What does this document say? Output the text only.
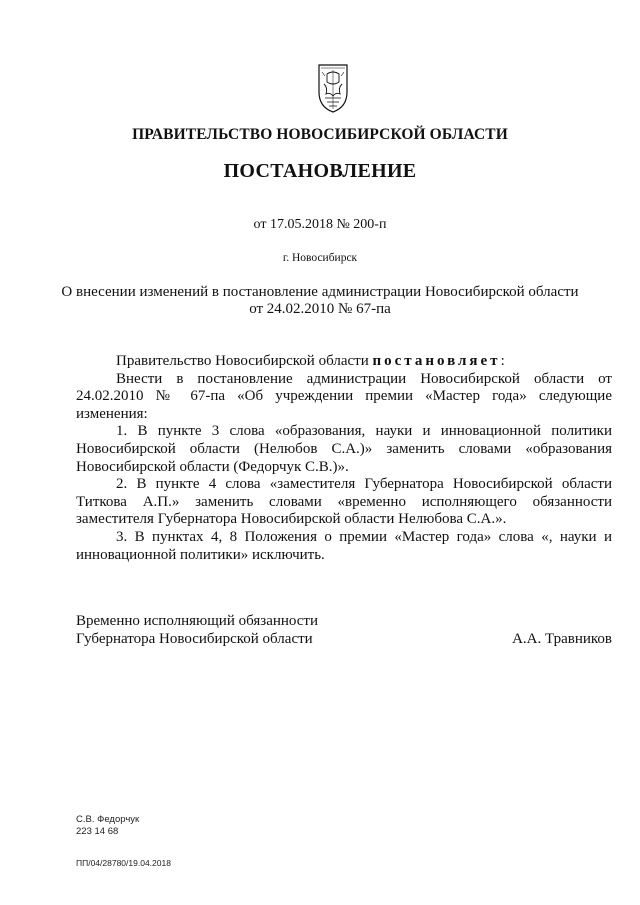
ПРАВИТЕЛЬСТВО НОВОСИБИРСКОЙ ОБЛАСТИ
ПОСТАНОВЛЕНИЕ
от 17.05.2018 № 200-п
г. Новосибирск
О внесении изменений в постановление администрации Новосибирской области
от 24.02.2010 № 67-па

Правительство Новосибирской области постановляет:

Внести в постановление администрации Новосибирской области от 24.02.2010 № 67-па «Об учреждении премии «Мастер года» следующие изменения:

1. В пункте 3 слова «образования, науки и инновационной политики Новосибирской области (Нелюбов С.А.)» заменить словами «образования Новосибирской области (Федорчук С.В.)».

2. В пункте 4 слова «заместителя Губернатора Новосибирской области Титкова А.П.» заменить словами «временно исполняющего обязанности заместителя Губернатора Новосибирской области Нелюбова С.А.».

3. В пунктах 4, 8 Положения о премии «Мастер года» слова «, науки и инновационной политики» исключить.

Временно исполняющий обязанности
Губернатора Новосибирской области	А.А. Травников
С.В. Федорчук
223 14 68
ПП/04/28780/19.04.2018
